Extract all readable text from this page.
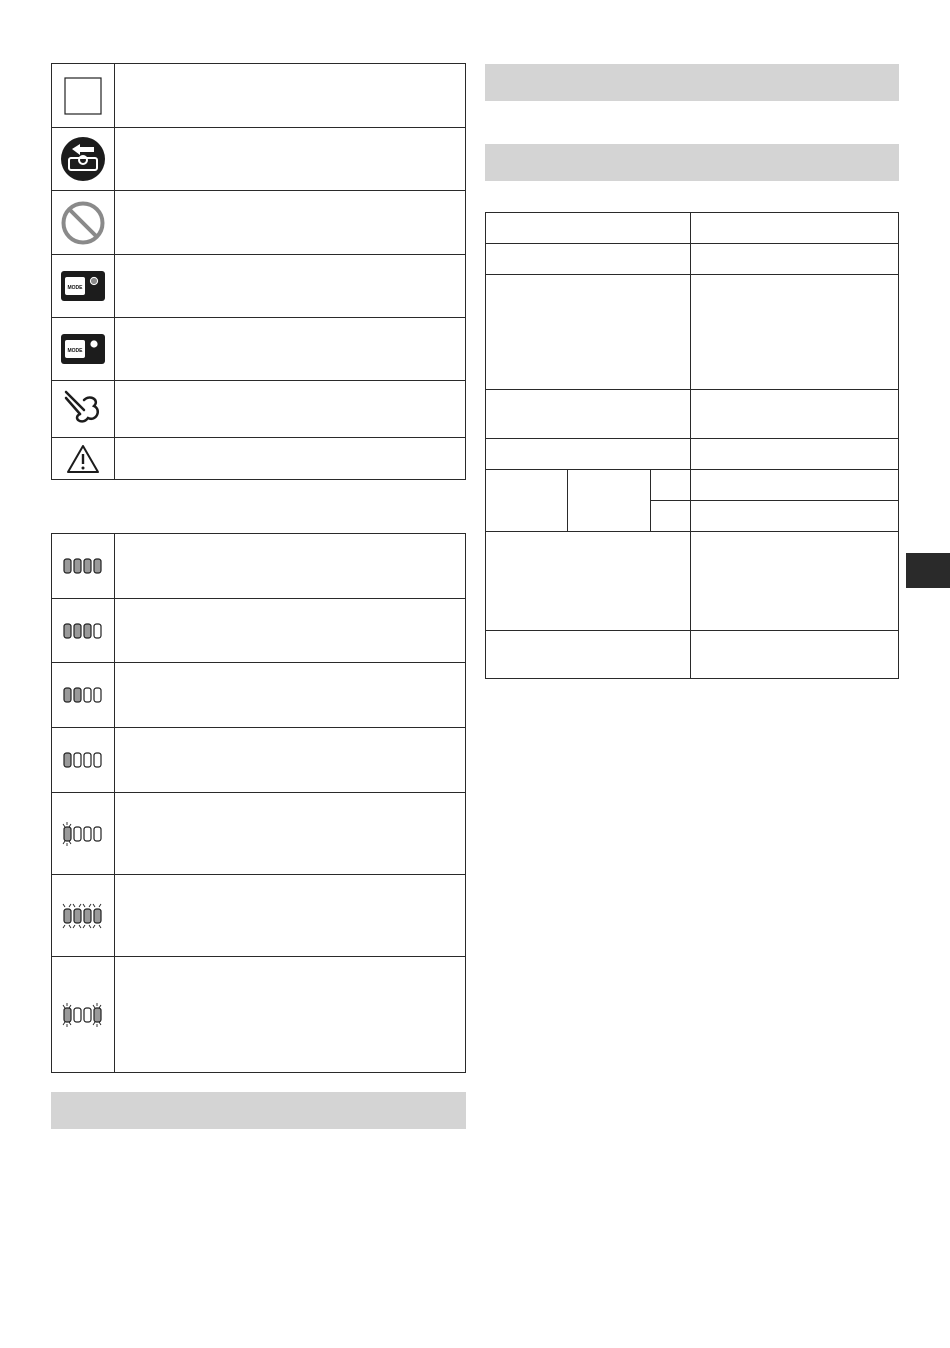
MODE	

MODE	
